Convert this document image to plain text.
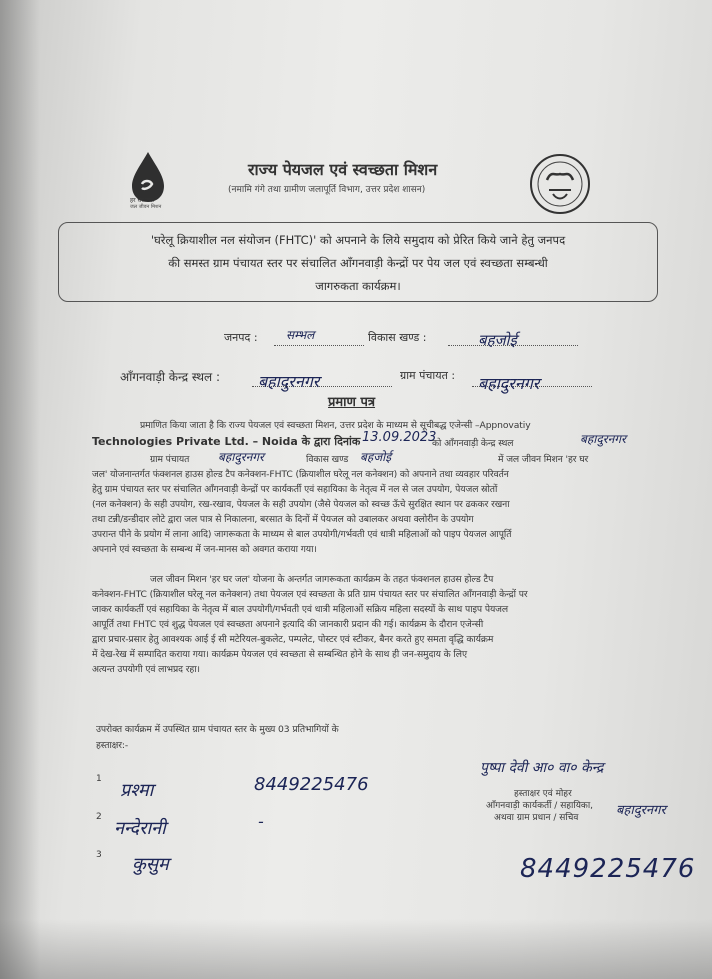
हर घर जल
जल जीवन मिशन
राज्य पेयजल एवं स्वच्छता मिशन
(नमामि गंगे तथा ग्रामीण जलापूर्ति विभाग, उत्तर प्रदेश शासन)
'घरेलू क्रियाशील नल संयोजन (FHTC)' को अपनाने के लिये समुदाय को प्रेरित किये जाने हेतु जनपद
की समस्त ग्राम पंचायत स्तर पर संचालित आँगनवाड़ी केन्द्रों पर पेय जल एवं स्वच्छता सम्बन्धी
जागरुकता कार्यक्रम।
जनपद : सम्भल	विकास खण्ड :	बहजोई
आँगनवाड़ी केन्द्र स्थल : बहादुरनगर	ग्राम पंचायत : बहादुरनगर
प्रमाण पत्र
प्रमाणित किया जाता है कि राज्य पेयजल एवं स्वच्छता मिशन, उत्तर प्रदेश के माध्यम से सूचीबद्ध एजेन्सी –Appnovatiy
Technologies Private Ltd. – Noida के द्वारा दिनांक 13.09.2023
को आँगनवाड़ी केन्द्र स्थल	बहादुरनगर
ग्राम पंचायत बहादुरनगर	विकास खण्ड बहजोई	में जल जीवन मिशन 'हर घर
जल' योजनान्तर्गत फंक्शनल हाउस होल्ड टैप कनेक्शन-FHTC (क्रियाशील घरेलू नल कनेक्शन) को अपनाने तथा व्यवहार परिवर्तन
हेतु ग्राम पंचायत स्तर पर संचालित आँगनवाड़ी केन्द्रों पर कार्यकर्ती एवं सहायिका के नेतृत्व में नल से जल उपयोग, पेयजल स्रोतों
(नल कनेक्शन) के सही उपयोग, रख-रखाव, पेयजल के सही उपयोग (जैसे पेयजल को स्वच्छ ऊँचे सुरक्षित स्थान पर ढककर रखना
तथा टन्नी/डन्डीदार लोटे द्वारा जल पात्र से निकालना, बरसात के दिनों में पेयजल को उबालकर अथवा क्लोरीन के उपयोग
उपरान्त पीने के प्रयोग में लाना आदि) जागरूकता के माध्यम से बाल उपयोगी/गर्भवती एवं धात्री महिलाओं को पाइप पेयजल आपूर्ति
अपनाने एवं स्वच्छता के सम्बन्ध में जन-मानस को अवगत कराया गया।
जल जीवन मिशन 'हर घर जल' योजना के अन्तर्गत जागरूकता कार्यक्रम के तहत फंक्शनल हाउस होल्ड टैप
कनेक्शन-FHTC (क्रियाशील घरेलू नल कनेक्शन) तथा पेयजल एवं स्वच्छता के प्रति ग्राम पंचायत स्तर पर संचालित आँगनवाड़ी केन्द्रों पर
जाकर कार्यकर्ती एवं सहायिका के नेतृत्व में बाल उपयोगी/गर्भवती एवं धात्री महिलाओं सक्रिय महिला सदस्यों के साथ पाइप पेयजल
आपूर्ति तथा FHTC एवं शुद्ध पेयजल एवं स्वच्छता अपनाने इत्यादि की जानकारी प्रदान की गई। कार्यक्रम के दौरान एजेन्सी
द्वारा प्रचार-प्रसार हेतु आवश्यक आई ई सी मटेरियल-बुकलेट, पम्पलेट, पोस्टर एवं स्टीकर, बैनर करते हुए समता वृद्धि कार्यक्रम
में देख-रेख में सम्पादित कराया गया। कार्यक्रम पेयजल एवं स्वच्छता से सम्बन्धित होने के साथ ही जन-समुदाय के लिए
अत्यन्त उपयोगी एवं लाभप्रद रहा।
उपरोक्त कार्यक्रम में उपस्थित ग्राम पंचायत स्तर के मुख्य 03 प्रतिभागियों के
हस्ताक्षर:-
1
प्रश्मा	8449225476
2
नन्देरानी	-
3 कुसुम
पुष्पा देवी आ० वा० केन्द्र
हस्ताक्षर एवं मोहर
आँगनवाड़ी कार्यकर्ती / सहायिका,
अथवा ग्राम प्रधान / सचिव	बहादुरनगर
8449225476
